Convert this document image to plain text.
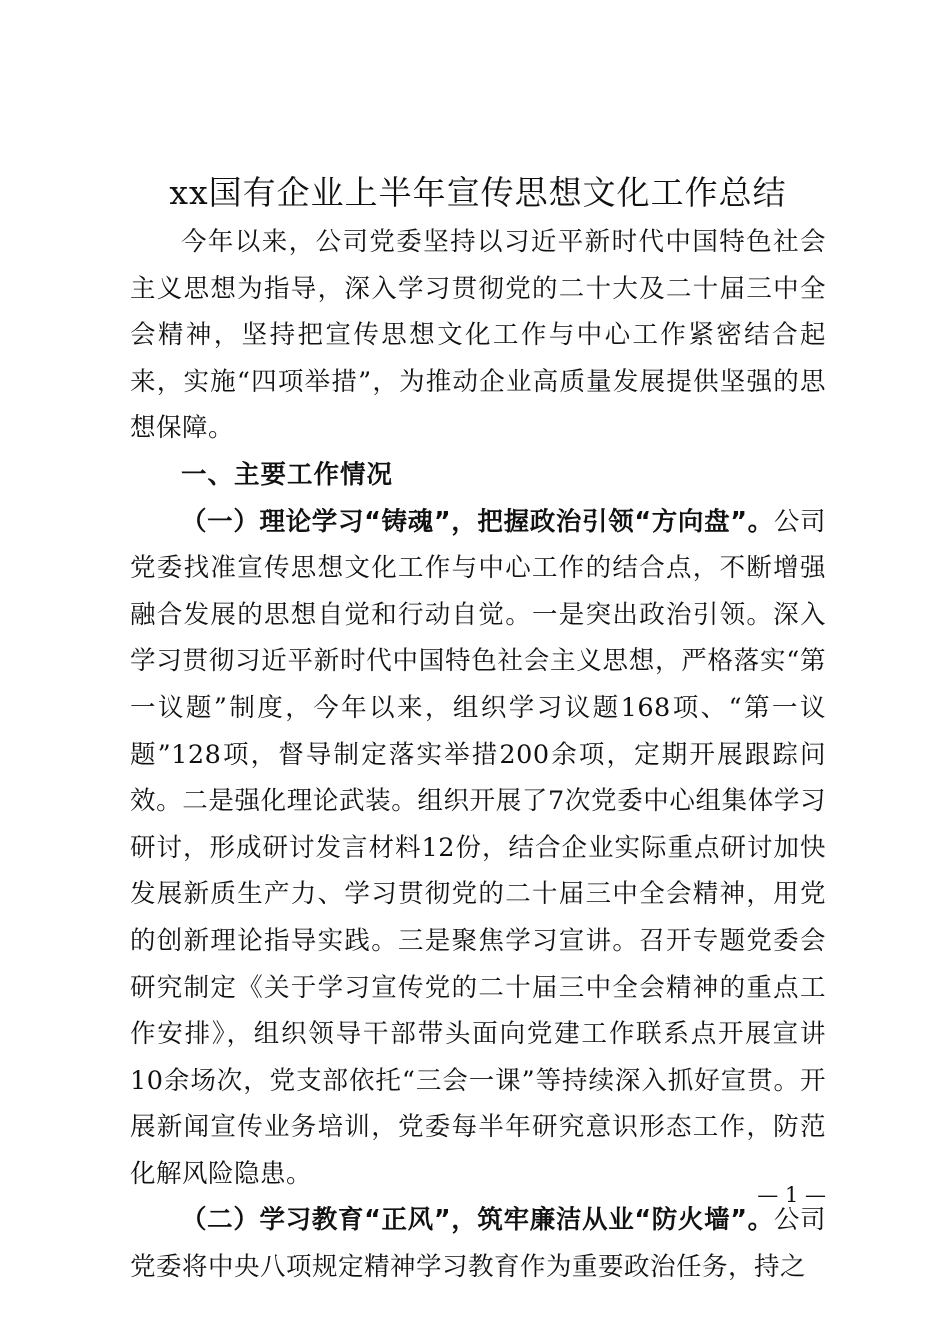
xx国有企业上半年宣传思想文化工作总结

今年以来，公司党委坚持以习近平新时代中国特色社会主义思想为指导，深入学习贯彻党的二十大及二十届三中全会精神，坚持把宣传思想文化工作与中心工作紧密结合起来，实施“四项举措”，为推动企业高质量发展提供坚强的思想保障。

一、主要工作情况

（一）理论学习“铸魂”，把握政治引领“方向盘”。公司党委找准宣传思想文化工作与中心工作的结合点，不断增强融合发展的思想自觉和行动自觉。一是突出政治引领。深入学习贯彻习近平新时代中国特色社会主义思想，严格落实“第一议题”制度，今年以来，组织学习议题168项、“第一议题”128项，督导制定落实举措200余项，定期开展跟踪问效。二是强化理论武装。组织开展了7次党委中心组集体学习研讨，形成研讨发言材料12份，结合企业实际重点研讨加快发展新质生产力、学习贯彻党的二十届三中全会精神，用党的创新理论指导实践。三是聚焦学习宣讲。召开专题党委会研究制定《关于学习宣传党的二十届三中全会精神的重点工作安排》，组织领导干部带头面向党建工作联系点开展宣讲10余场次，党支部依托“三会一课”等持续深入抓好宣贯。开展新闻宣传业务培训，党委每半年研究意识形态工作，防范化解风险隐患。

（二）学习教育“正风”，筑牢廉洁从业“防火墙”。公司党委将中央八项规定精神学习教育作为重要政治任务，持之

— 1 —
